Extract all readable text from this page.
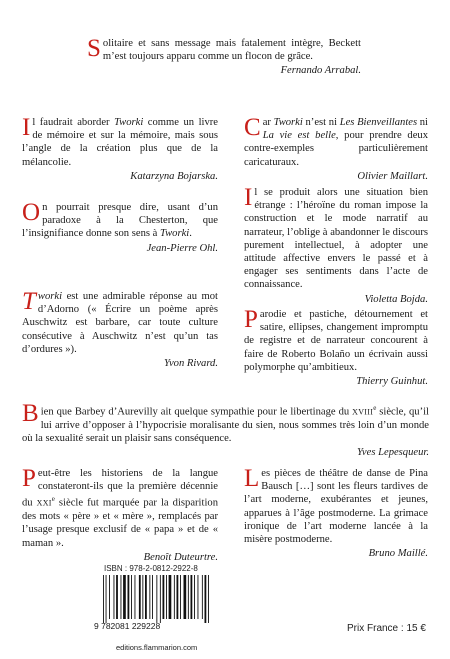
Solitaire et sans message mais fatalement intègre, Beckett m’est toujours apparu comme un flocon de grâce.

Fernando Arrabal.

Il faudrait aborder Tworki comme un livre de mémoire et sur la mémoire, mais sous l’angle de la création plus que de la mélancolie.

Katarzyna Bojarska.

Car Tworki n’est ni Les Bienveillantes ni La vie est belle, pour prendre deux contre-exemples particulièrement caricaturaux.

Olivier Maillart.

On pourrait presque dire, usant d’un paradoxe à la Chesterton, que l’insignifiance donne son sens à Tworki.

Jean-Pierre Ohl.

Il se produit alors une situation bien étrange : l’héroïne du roman impose la construction et le mode narratif au narrateur, l’oblige à abandonner le discours purement intellectuel, à adopter une attitude affective envers le passé et à engager ses sentiments dans l’acte de connaissance.

Violetta Bojda.

Tworki est une admirable réponse au mot d’Adorno (« Écrire un poème après Auschwitz est barbare, car toute culture consécutive à Auschwitz n’est qu’un tas d’ordures »).

Yvon Rivard.

Parodie et pastiche, détournement et satire, ellipses, changement impromptu de registre et de narrateur concourent à faire de Roberto Bolaño un écrivain aussi polymorphe qu’ambitieux.

Thierry Guinhut.

Bien que Barbey d’Aurevilly ait quelque sympathie pour le libertinage du XVIIIe siècle, qu’il lui arrive d’opposer à l’hypocrisie moralisante du sien, nous sommes très loin d’un monde où la sexualité serait un plaisir sans conséquence.

Yves Lepesqueur.

Peut-être les historiens de la langue constateront-ils que la première décennie du XXIe siècle fut marquée par la disparition des mots « père » et « mère », remplacés par l’usage presque exclusif de « papa » et de « maman ».

Benoît Duteurtre.

Les pièces de théâtre de danse de Pina Bausch […] sont les fleurs tardives de l’art moderne, exubérantes et jeunes, apparues à l’âge postmoderne. La grimace ironique de l’art moderne lancée à la misère postmoderne.

Bruno Maillé.
ISBN : 978-2-0812-2922-8
9 782081 229228
editions.flammarion.com
Prix France : 15 €
